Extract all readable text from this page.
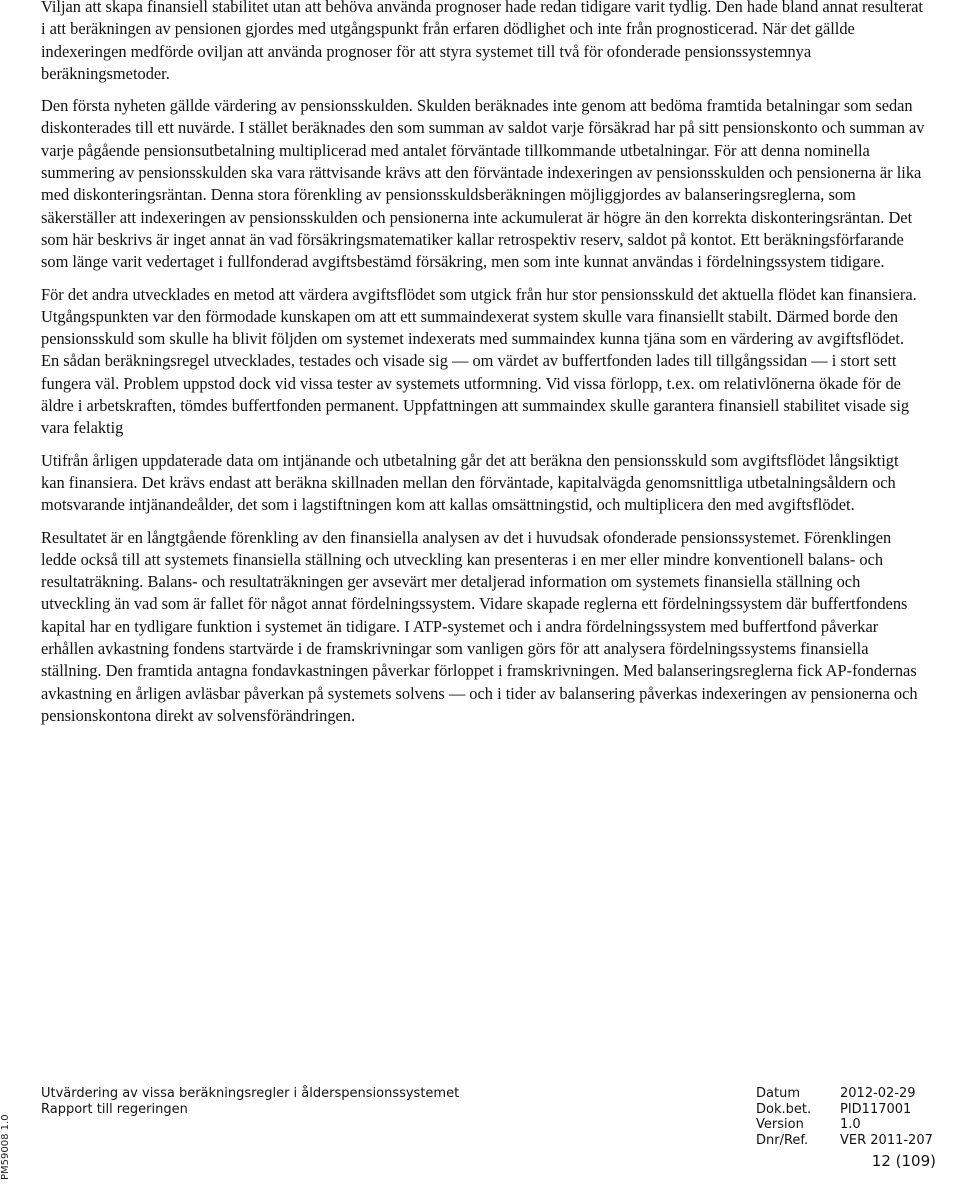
Viljan att skapa finansiell stabilitet utan att behöva använda prognoser hade redan tidigare varit tydlig. Den hade bland annat resulterat i att beräkningen av pensionen gjordes med utgångspunkt från erfaren dödlighet och inte från prognosticerad. När det gällde indexeringen medförde oviljan att använda prognoser för att styra systemet till två för ofonderade pensionssystemnya beräkningsmetoder.

Den första nyheten gällde värdering av pensionsskulden. Skulden beräknades inte genom att bedöma framtida betalningar som sedan diskonterades till ett nuvärde. I stället beräknades den som summan av saldot varje försäkrad har på sitt pensionskonto och summan av varje pågående pensionsutbetalning multiplicerad med antalet förväntade tillkommande utbetalningar. För att denna nominella summering av pensionsskulden ska vara rättvisande krävs att den förväntade indexeringen av pensionsskulden och pensionerna är lika med diskonteringsräntan. Denna stora förenkling av pensionsskuldsberäkningen möjliggjordes av balanseringsreglerna, som säkerställer att indexeringen av pensionsskulden och pensionerna inte ackumulerat är högre än den korrekta diskonteringsräntan. Det som här beskrivs är inget annat än vad försäkringsmatematiker kallar retrospektiv reserv, saldot på kontot. Ett beräkningsförfarande som länge varit vedertaget i fullfonderad avgiftsbestämd försäkring, men som inte kunnat användas i fördelningssystem tidigare.

För det andra utvecklades en metod att värdera avgiftsflödet som utgick från hur stor pensionsskuld det aktuella flödet kan finansiera. Utgångspunkten var den förmodade kunskapen om att ett summaindexerat system skulle vara finansiellt stabilt. Därmed borde den pensionsskuld som skulle ha blivit följden om systemet indexerats med summaindex kunna tjäna som en värdering av avgiftsflödet. En sådan beräkningsregel utvecklades, testades och visade sig — om värdet av buffertfonden lades till tillgångssidan — i stort sett fungera väl. Problem uppstod dock vid vissa tester av systemets utformning. Vid vissa förlopp, t.ex. om relativlönerna ökade för de äldre i arbetskraften, tömdes buffertfonden permanent. Uppfattningen att summaindex skulle garantera finansiell stabilitet visade sig vara felaktig

Utifrån årligen uppdaterade data om intjänande och utbetalning går det att beräkna den pensionsskuld som avgiftsflödet långsiktigt kan finansiera. Det krävs endast att beräkna skillnaden mellan den förväntade, kapitalvägda genomsnittliga utbetalningsåldern och motsvarande intjänandeålder, det som i lagstiftningen kom att kallas omsättningstid, och multiplicera den med avgiftsflödet.

Resultatet är en långtgående förenkling av den finansiella analysen av det i huvudsak ofonderade pensionssystemet. Förenklingen ledde också till att systemets finansiella ställning och utveckling kan presenteras i en mer eller mindre konventionell balans- och resultaträkning. Balans- och resultaträkningen ger avsevärt mer detaljerad information om systemets finansiella ställning och utveckling än vad som är fallet för något annat fördelningssystem. Vidare skapade reglerna ett fördelningssystem där buffertfondens kapital har en tydligare funktion i systemet än tidigare. I ATP-systemet och i andra fördelningssystem med buffertfond påverkar erhållen avkastning fondens startvärde i de framskrivningar som vanligen görs för att analysera fördelningssystems finansiella ställning. Den framtida antagna fondavkastningen påverkar förloppet i framskrivningen. Med balanseringsreglerna fick AP-fondernas avkastning en årligen avläsbar påverkan på systemets solvens — och i tider av balansering påverkas indexeringen av pensionerna och pensionskontona direkt av solvensförändringen.

Utvärdering av vissa beräkningsregler i ålderspensionssystemet
Rapport till regeringen
Datum	2012-02-29
Dok.bet.	PID117001
Version	1.0
Dnr/Ref.	VER 2011-207
12 (109)
PM59008 1.0
